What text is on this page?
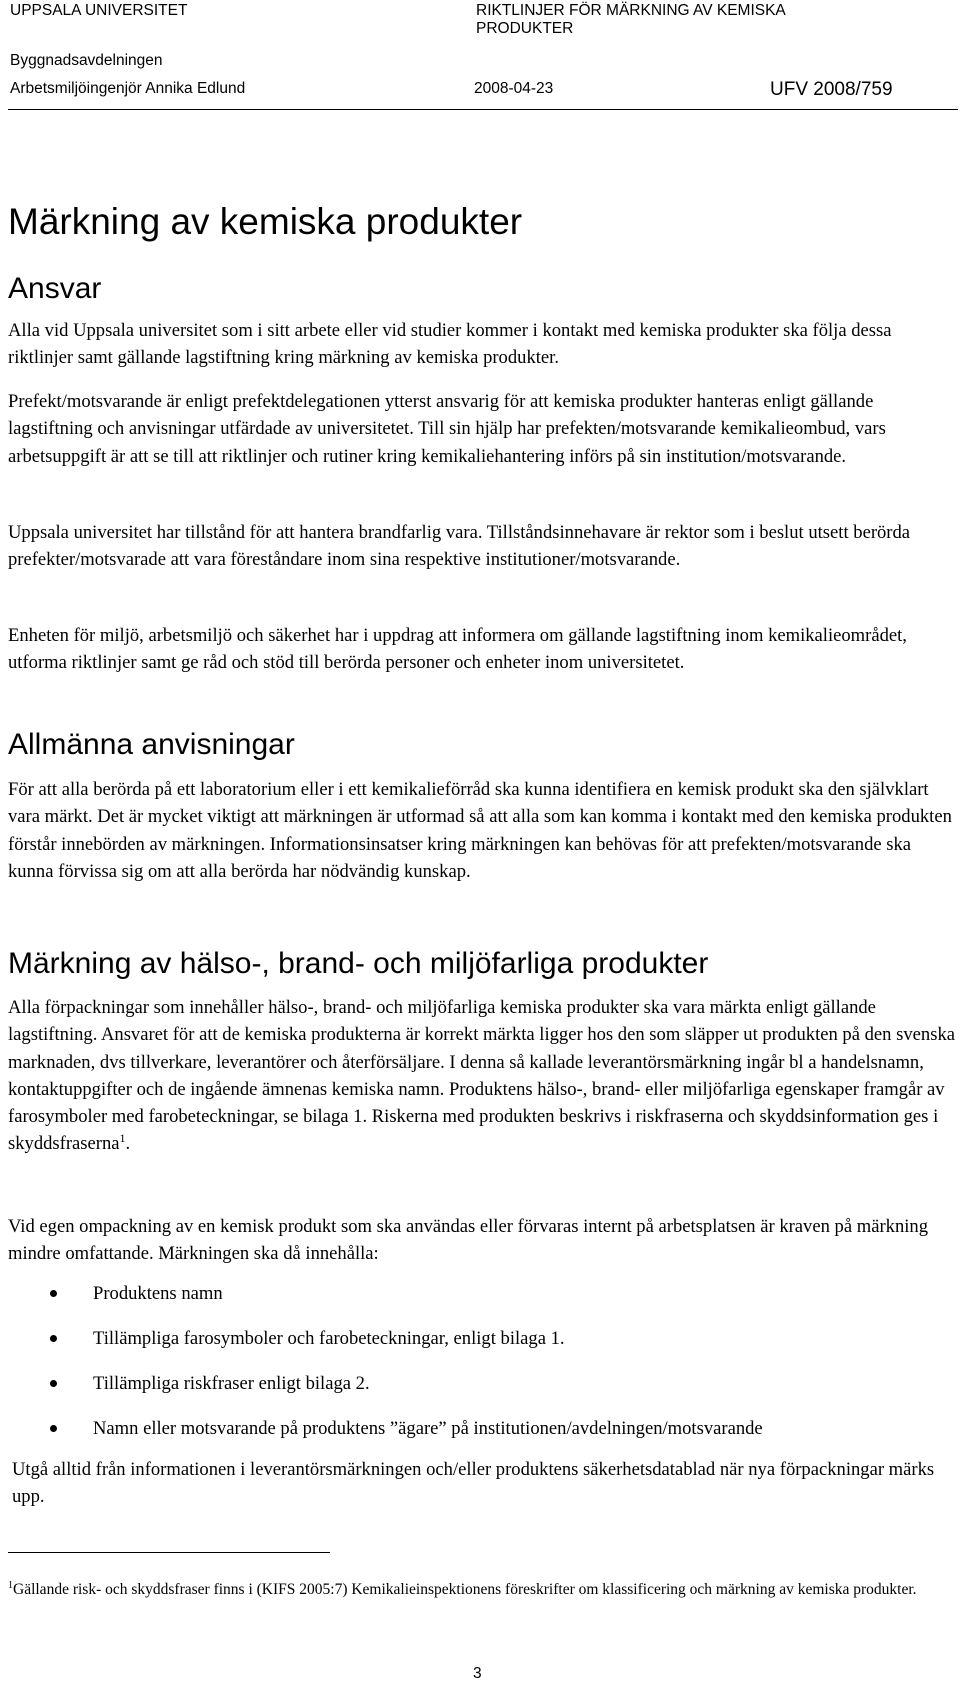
UPPSALA UNIVERSITET	RIKTLINJER FÖR MÄRKNING AV KEMISKA PRODUKTER
Byggnadsavdelningen
Arbetsmiljöingenjör Annika Edlund	2008-04-23	UFV 2008/759
Märkning av kemiska produkter
Ansvar

Alla vid Uppsala universitet som i sitt arbete eller vid studier kommer i kontakt med kemiska produkter ska följa dessa riktlinjer samt gällande lagstiftning kring märkning av kemiska produkter.

Prefekt/motsvarande är enligt prefektdelegationen ytterst ansvarig för att kemiska produkter hanteras enligt gällande lagstiftning och anvisningar utfärdade av universitetet. Till sin hjälp har prefekten/motsvarande kemikalieombud, vars arbetsuppgift är att se till att riktlinjer och rutiner kring kemikaliehantering införs på sin institution/motsvarande.

Uppsala universitet har tillstånd för att hantera brandfarlig vara. Tillståndsinnehavare är rektor som i beslut utsett berörda prefekter/motsvarade att vara föreståndare inom sina respektive institutioner/motsvarande.

Enheten för miljö, arbetsmiljö och säkerhet har i uppdrag att informera om gällande lagstiftning inom kemikalieområdet, utforma riktlinjer samt ge råd och stöd till berörda personer och enheter inom universitetet.

Allmänna anvisningar

För att alla berörda på ett laboratorium eller i ett kemikalieförråd ska kunna identifiera en kemisk produkt ska den självklart vara märkt. Det är mycket viktigt att märkningen är utformad så att alla som kan komma i kontakt med den kemiska produkten förstår innebörden av märkningen. Informationsinsatser kring märkningen kan behövas för att prefekten/motsvarande ska kunna förvissa sig om att alla berörda har nödvändig kunskap.

Märkning av hälso-, brand- och miljöfarliga produkter

Alla förpackningar som innehåller hälso-, brand- och miljöfarliga kemiska produkter ska vara märkta enligt gällande lagstiftning. Ansvaret för att de kemiska produkterna är korrekt märkta ligger hos den som släpper ut produkten på den svenska marknaden, dvs tillverkare, leverantörer och återförsäljare. I denna så kallade leverantörsmärkning ingår bl a handelsnamn, kontaktuppgifter och de ingående ämnenas kemiska namn. Produktens hälso-, brand- eller miljöfarliga egenskaper framgår av farosymboler med farobeteckningar, se bilaga 1. Riskerna med produkten beskrivs i riskfraserna och skyddsinformation ges i skyddsfraserna$^1$.

Vid egen ompackning av en kemisk produkt som ska användas eller förvaras internt på arbetsplatsen är kraven på märkning mindre omfattande. Märkningen ska då innehålla:

Produktens namn
Tillämpliga farosymboler och farobeteckningar, enligt bilaga 1.
Tillämpliga riskfraser enligt bilaga 2.
Namn eller motsvarande på produktens ”ägare” på institutionen/avdelningen/motsvarande

Utgå alltid från informationen i leverantörsmärkningen och/eller produktens säkerhetsdatablad när nya förpackningar märks upp.

$^1$Gällande risk- och skyddsfraser finns i (KIFS 2005:7) Kemikalieinspektionens föreskrifter om klassificering och märkning av kemiska produkter.

3
